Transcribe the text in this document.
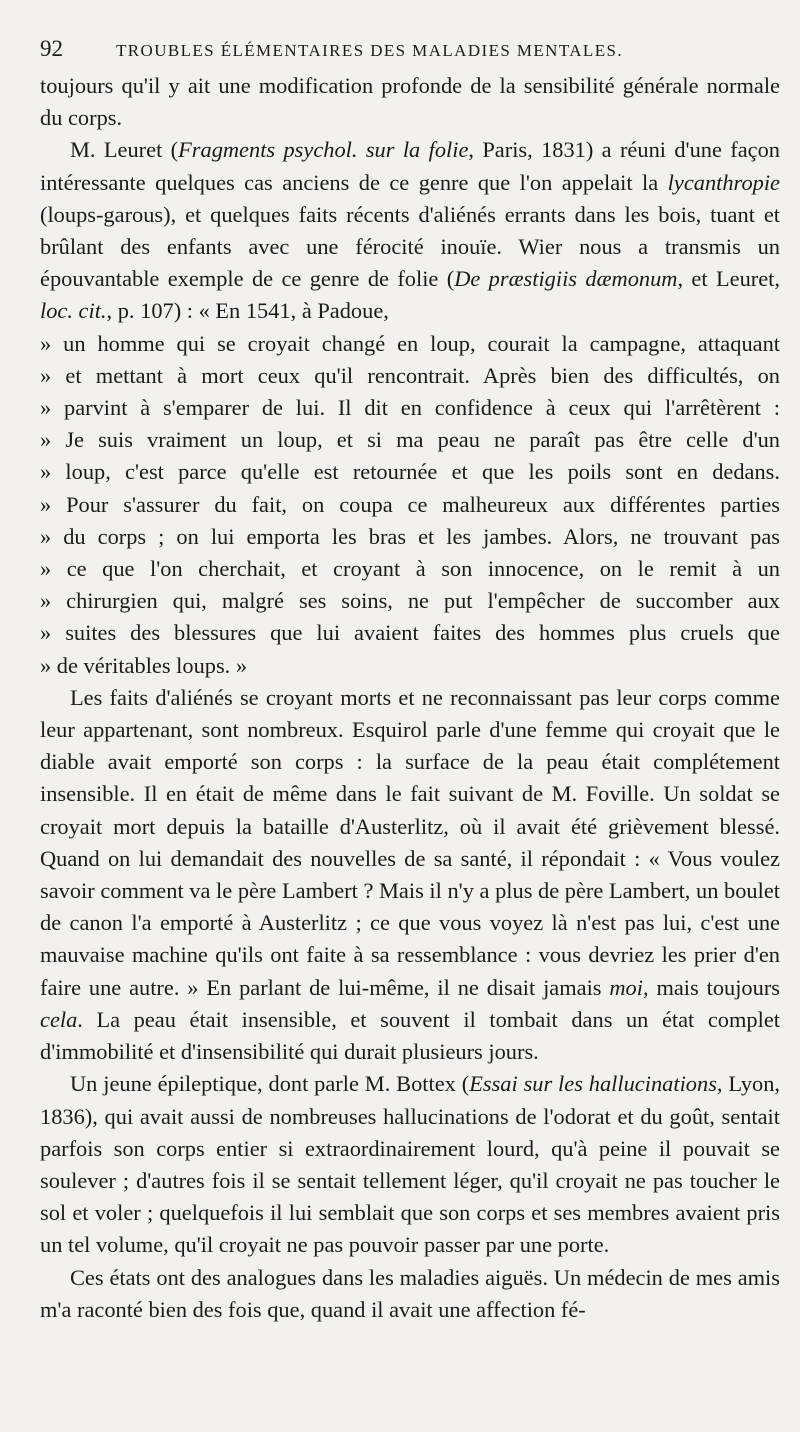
92	TROUBLES ÉLÉMENTAIRES DES MALADIES MENTALES.

toujours qu'il y ait une modification profonde de la sensibilité générale normale du corps.

M. Leuret (Fragments psychol. sur la folie, Paris, 1831) a réuni d'une façon intéressante quelques cas anciens de ce genre que l'on appelait la lycanthropie (loups-garous), et quelques faits récents d'aliénés errants dans les bois, tuant et brûlant des enfants avec une férocité inouïe. Wier nous a transmis un épouvantable exemple de ce genre de folie (De præstigiis dæmonum, et Leuret, loc. cit., p. 107) : « En 1541, à Padoue,

» un homme qui se croyait changé en loup, courait la campagne, attaquant
» et mettant à mort ceux qu'il rencontrait. Après bien des difficultés, on
» parvint à s'emparer de lui. Il dit en confidence à ceux qui l'arrêtèrent :
» Je suis vraiment un loup, et si ma peau ne paraît pas être celle d'un
» loup, c'est parce qu'elle est retournée et que les poils sont en dedans.
» Pour s'assurer du fait, on coupa ce malheureux aux différentes parties
» du corps ; on lui emporta les bras et les jambes. Alors, ne trouvant pas
» ce que l'on cherchait, et croyant à son innocence, on le remit à un
» chirurgien qui, malgré ses soins, ne put l'empêcher de succomber aux
» suites des blessures que lui avaient faites des hommes plus cruels que
» de véritables loups. »

Les faits d'aliénés se croyant morts et ne reconnaissant pas leur corps comme leur appartenant, sont nombreux. Esquirol parle d'une femme qui croyait que le diable avait emporté son corps : la surface de la peau était complétement insensible. Il en était de même dans le fait suivant de M. Foville. Un soldat se croyait mort depuis la bataille d'Austerlitz, où il avait été grièvement blessé. Quand on lui demandait des nouvelles de sa santé, il répondait : « Vous voulez savoir comment va le père Lambert ? Mais il n'y a plus de père Lambert, un boulet de canon l'a emporté à Austerlitz ; ce que vous voyez là n'est pas lui, c'est une mauvaise machine qu'ils ont faite à sa ressemblance : vous devriez les prier d'en faire une autre. » En parlant de lui-même, il ne disait jamais moi, mais toujours cela. La peau était insensible, et souvent il tombait dans un état complet d'immobilité et d'insensibilité qui durait plusieurs jours.

Un jeune épileptique, dont parle M. Bottex (Essai sur les hallucinations, Lyon, 1836), qui avait aussi de nombreuses hallucinations de l'odorat et du goût, sentait parfois son corps entier si extraordinairement lourd, qu'à peine il pouvait se soulever ; d'autres fois il se sentait tellement léger, qu'il croyait ne pas toucher le sol et voler ; quelquefois il lui semblait que son corps et ses membres avaient pris un tel volume, qu'il croyait ne pas pouvoir passer par une porte.

Ces états ont des analogues dans les maladies aiguës. Un médecin de mes amis m'a raconté bien des fois que, quand il avait une affection fé-
